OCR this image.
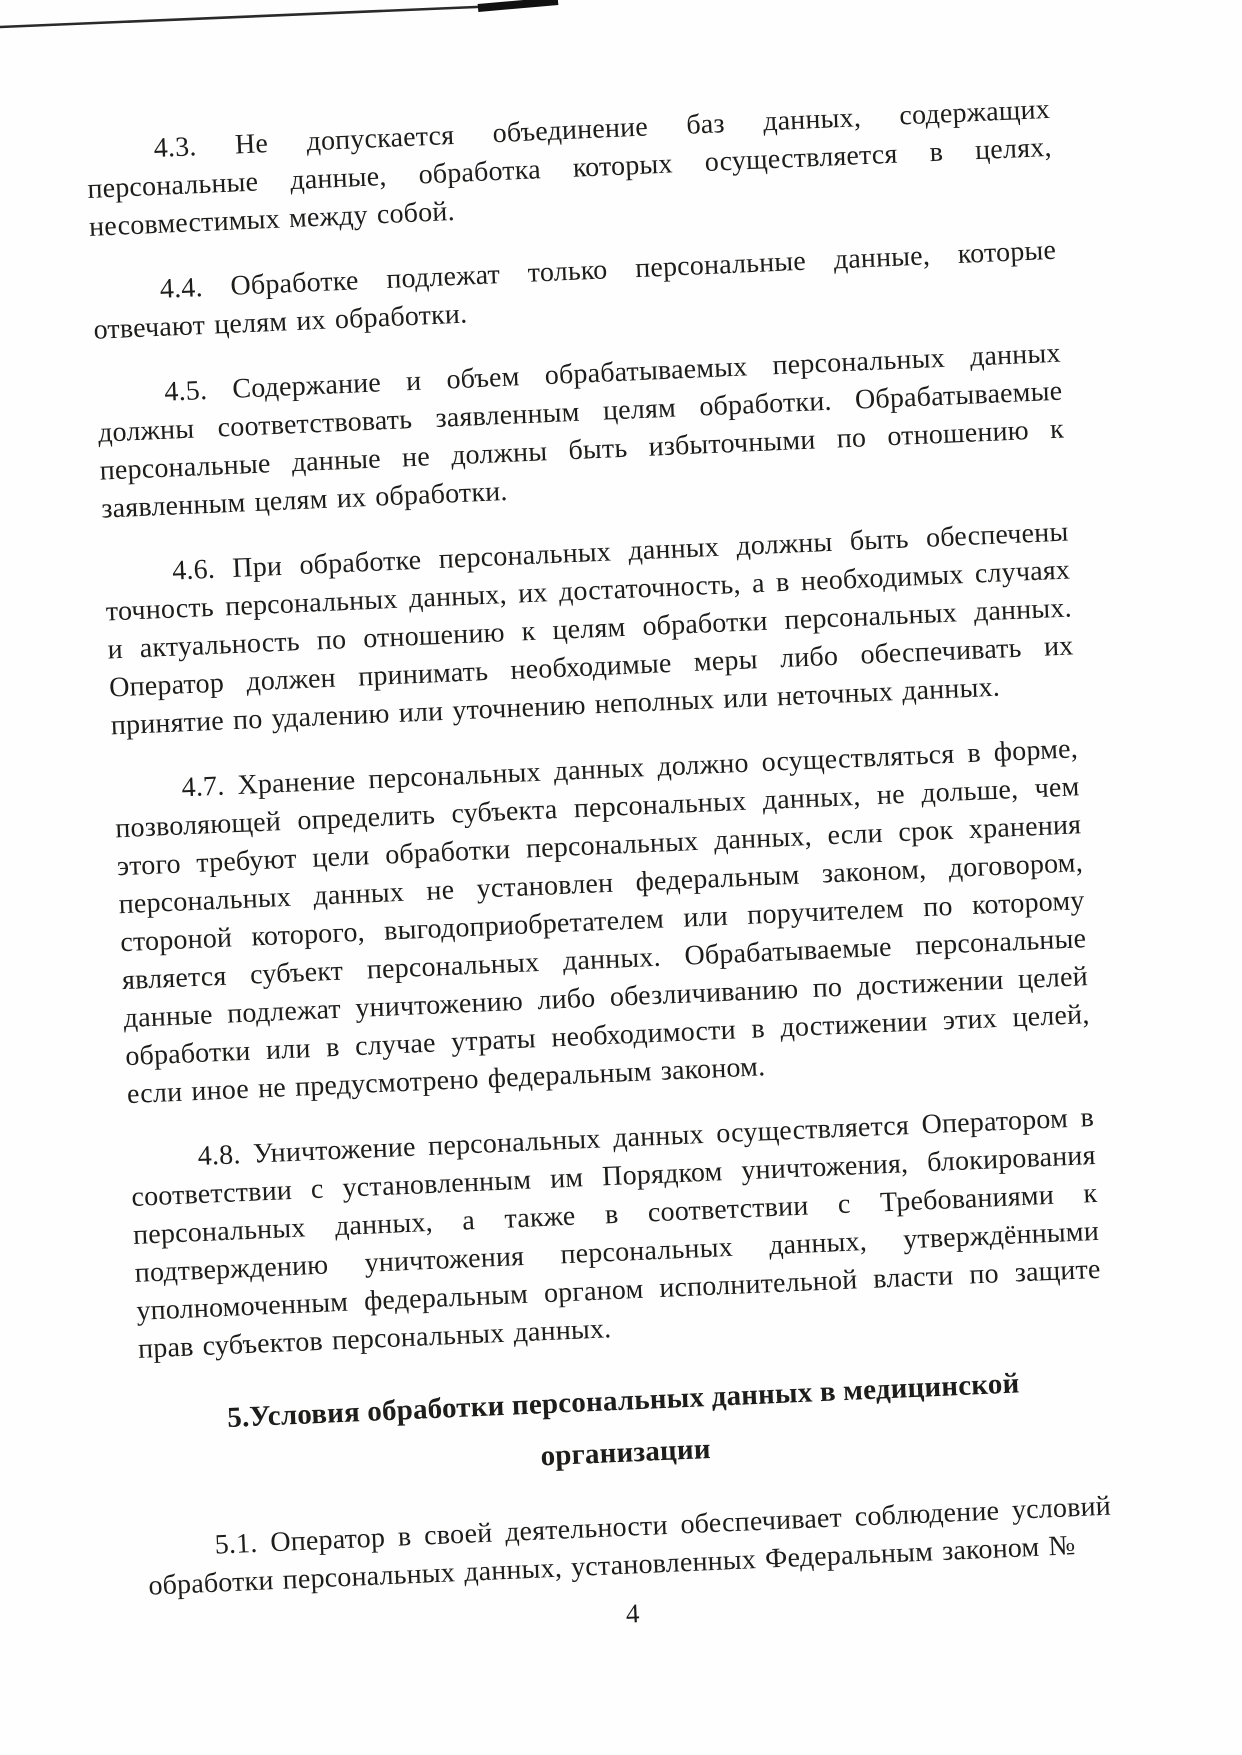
4.3. Не допускается объединение баз данных, содержащих персональные данные, обработка которых осуществляется в целях, несовместимых между собой.

4.4. Обработке подлежат только персональные данные, которые отвечают целям их обработки.

4.5. Содержание и объем обрабатываемых персональных данных должны соответствовать заявленным целям обработки. Обрабатываемые персональные данные не должны быть избыточными по отношению к заявленным целям их обработки.

4.6. При обработке персональных данных должны быть обеспечены точность персональных данных, их достаточность, а в необходимых случаях и актуальность по отношению к целям обработки персональных данных. Оператор должен принимать необходимые меры либо обеспечивать их принятие по удалению или уточнению неполных или неточных данных.

4.7. Хранение персональных данных должно осуществляться в форме, позволяющей определить субъекта персональных данных, не дольше, чем этого требуют цели обработки персональных данных, если срок хранения персональных данных не установлен федеральным законом, договором, стороной которого, выгодоприобретателем или поручителем по которому является субъект персональных данных. Обрабатываемые персональные данные подлежат уничтожению либо обезличиванию по достижении целей обработки или в случае утраты необходимости в достижении этих целей, если иное не предусмотрено федеральным законом.

4.8. Уничтожение персональных данных осуществляется Оператором в соответствии с установленным им Порядком уничтожения, блокирования персональных данных, а также в соответствии с Требованиями к подтверждению уничтожения персональных данных, утверждёнными уполномоченным федеральным органом исполнительной власти по защите прав субъектов персональных данных.

5.Условия обработки персональных данных в медицинской организации

5.1. Оператор в своей деятельности обеспечивает соблюдение условий обработки персональных данных, установленных Федеральным законом №

4
